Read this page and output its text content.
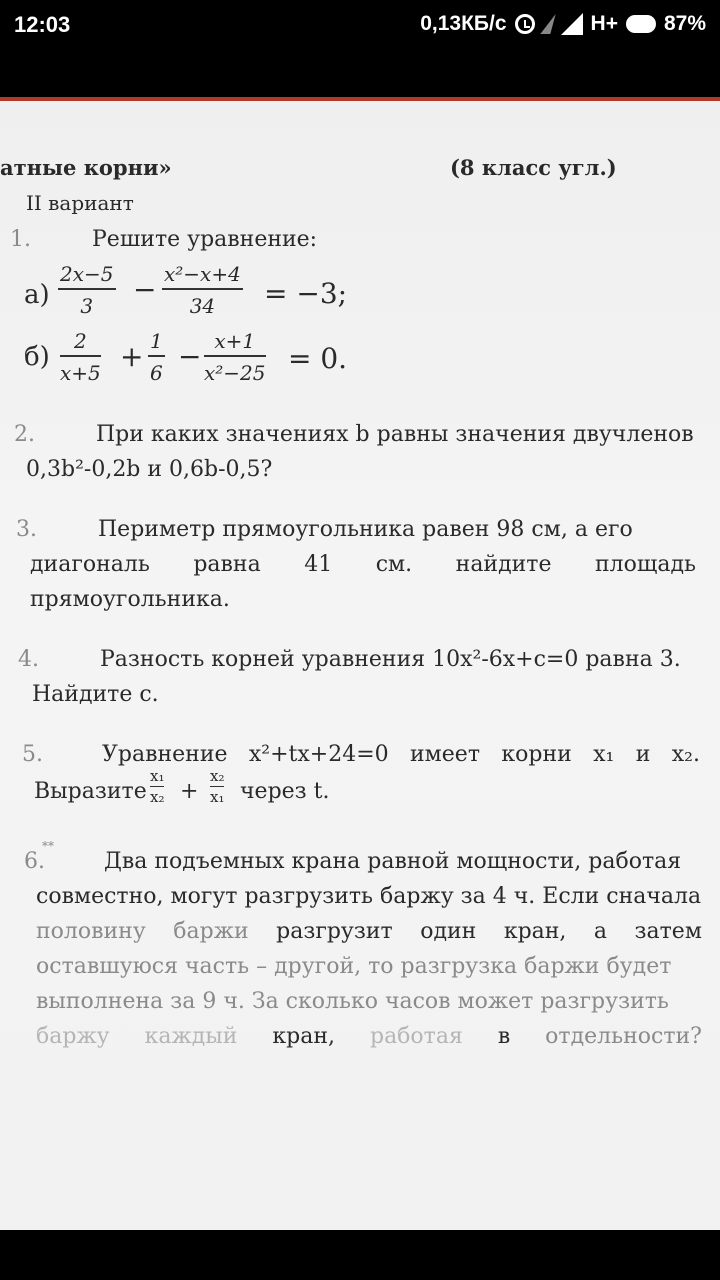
12:03	0,13КБ/с	H+ 87%
атные корни»	(8 класс угл.)
II вариант
1.	Решите уравнение:
а)
2x−5
3 − x²−x+4
34 = −3;
б)
2
x+5 + 1
6 − x+1
x²−25 = 0.
2.	При каких значениях b равны значения двучленов
0,3b²-0,2b и 0,6b-0,5?
3.	Периметр прямоугольника равен 98 см, а его
диагональ равна 41 см. найдите площадь
прямоугольника.
4.	Разность корней уравнения 10x²-6x+c=0 равна 3.
Найдите c.
5.	Уравнение x²+tx+24=0 имеет корни x₁ и x₂.
Выразите
x₁
x₂ +
x₂
x₁ через t.
6.
**
Два подъемных крана равной мощности, работая
совместно, могут разгрузить баржу за 4 ч. Если сначала
половину баржи разгрузит один кран, а затем
оставшуюся часть – другой, то разгрузка баржи будет
выполнена за 9 ч. За сколько часов может разгрузить
баржу каждый кран, работая в отдельности?
